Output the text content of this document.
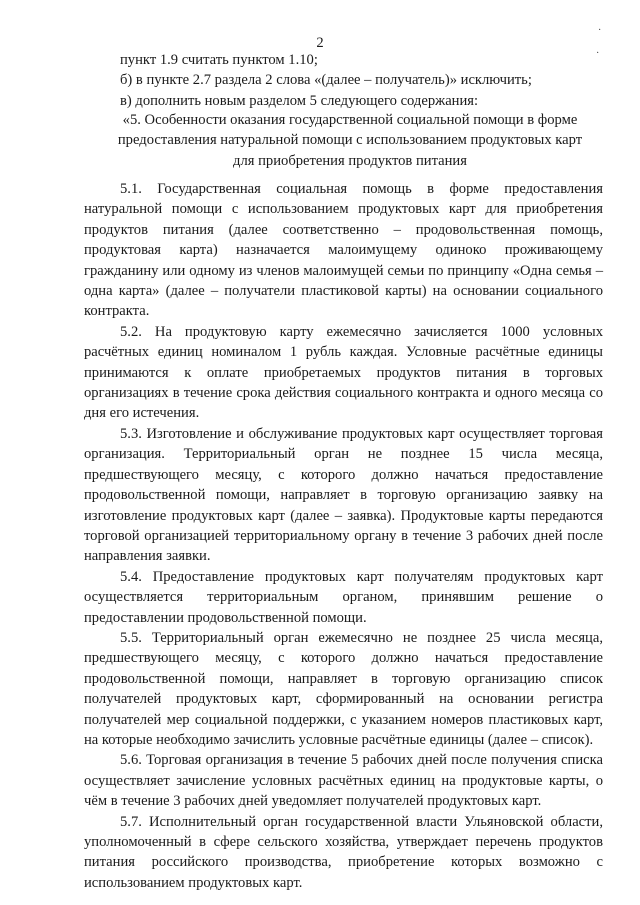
2
·
·

пункт 1.9 считать пунктом 1.10;

б) в пункте 2.7 раздела 2 слова «(далее – получатель)» исключить;

в) дополнить новым разделом 5 следующего содержания:

«5. Особенности оказания государственной социальной помощи в форме

предоставления натуральной помощи с использованием продуктовых карт

для приобретения продуктов питания

5.1. Государственная социальная помощь в форме предоставления натуральной помощи с использованием продуктовых карт для приобретения продуктов питания (далее соответственно – продовольственная помощь, продуктовая карта) назначается малоимущему одиноко проживающему гражданину или одному из членов малоимущей семьи по принципу «Одна семья – одна карта» (далее – получатели пластиковой карты) на основании социального контракта.

5.2. На продуктовую карту ежемесячно зачисляется 1000 условных расчётных единиц номиналом 1 рубль каждая. Условные расчётные единицы принимаются к оплате приобретаемых продуктов питания в торговых организациях в течение срока действия социального контракта и одного месяца со дня его истечения.

5.3. Изготовление и обслуживание продуктовых карт осуществляет торговая организация. Территориальный орган не позднее 15 числа месяца, предшествующего месяцу, с которого должно начаться предоставление продовольственной помощи, направляет в торговую организацию заявку на изготовление продуктовых карт (далее – заявка). Продуктовые карты передаются торговой организацией территориальному органу в течение 3 рабочих дней после направления заявки.

5.4. Предоставление продуктовых карт получателям продуктовых карт осуществляется территориальным органом, принявшим решение о предоставлении продовольственной помощи.

5.5. Территориальный орган ежемесячно не позднее 25 числа месяца, предшествующего месяцу, с которого должно начаться предоставление продовольственной помощи, направляет в торговую организацию список получателей продуктовых карт, сформированный на основании регистра получателей мер социальной поддержки, с указанием номеров пластиковых карт, на которые необходимо зачислить условные расчётные единицы (далее – список).

5.6. Торговая организация в течение 5 рабочих дней после получения списка осуществляет зачисление условных расчётных единиц на продуктовые карты, о чём в течение 3 рабочих дней уведомляет получателей продуктовых карт.

5.7. Исполнительный орган государственной власти Ульяновской области, уполномоченный в сфере сельского хозяйства, утверждает перечень продуктов питания российского производства, приобретение которых возможно с использованием продуктовых карт.
